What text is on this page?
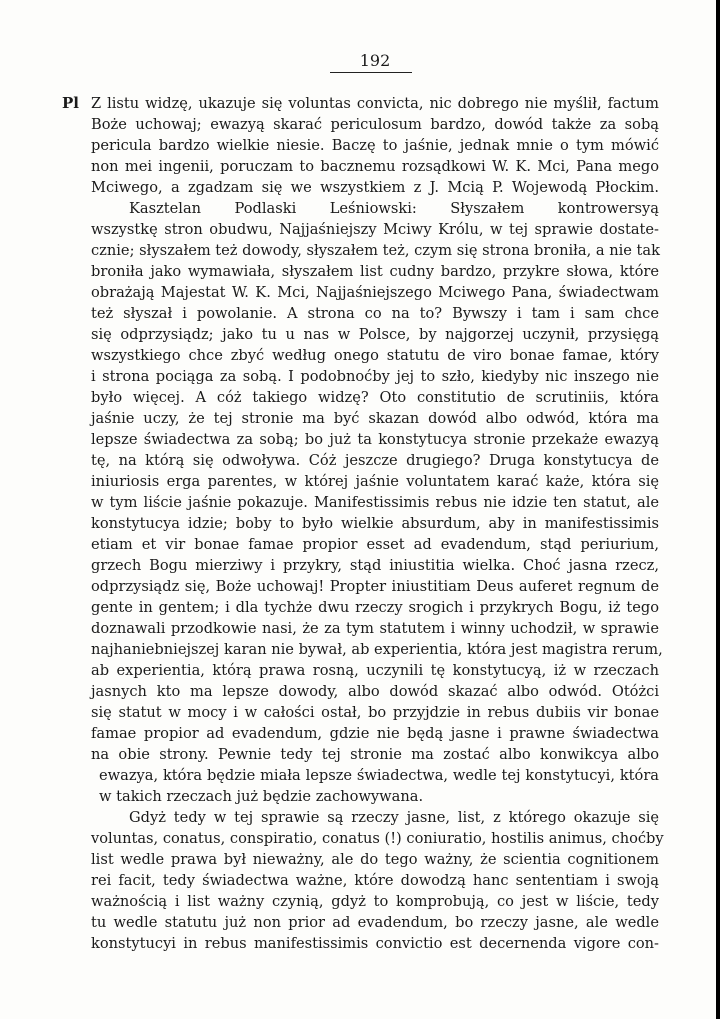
192
Pl Z listu widzę, ukazuje się voluntas convicta, nic dobrego nie myślił, factum
Boże uchowaj; ewazyą skarać periculosum bardzo, dowód także za sobą
pericula bardzo wielkie niesie. Baczę to jaśnie, jednak mnie o tym mówić
non mei ingenii, poruczam to bacznemu rozsądkowi W. K. Mci, Pana mego
Mciwego, a zgadzam się we wszystkiem z J. Mcią P. Wojewodą Płockim.
Kasztelan Podlaski Leśniowski: Słyszałem kontrowersyą
wszystkę stron obudwu, Najjaśniejszy Mciwy Królu, w tej sprawie dostate-
cznie; słyszałem też dowody, słyszałem też, czym się strona broniła, a nie tak
broniła jako wymawiała, słyszałem list cudny bardzo, przykre słowa, które
obrażają Majestat W. K. Mci, Najjaśniejszego Mciwego Pana, świadectwam
też słyszał i powolanie. A strona co na to? Bywszy i tam i sam chce
się odprzysiądz; jako tu u nas w Polsce, by najgorzej uczynił, przysięgą
wszystkiego chce zbyć według onego statutu de viro bonae famae, który
i strona pociąga za sobą. I podobnoćby jej to szło, kiedyby nic inszego nie
było więcej. A cóż takiego widzę? Oto constitutio de scrutiniis, która
jaśnie uczy, że tej stronie ma być skazan dowód albo odwód, która ma
lepsze świadectwa za sobą; bo już ta konstytucya stronie przekaże ewazyą
tę, na którą się odwoływa. Cóż jeszcze drugiego? Druga konstytucya de
iniuriosis erga parentes, w której jaśnie voluntatem karać każe, która się
w tym liście jaśnie pokazuje. Manifestissimis rebus nie idzie ten statut, ale
konstytucya idzie; boby to było wielkie absurdum, aby in manifestissimis
etiam et vir bonae famae propior esset ad evadendum, stąd periurium,
grzech Bogu mierziwy i przykry, stąd iniustitia wielka. Choć jasna rzecz,
odprzysiądz się, Boże uchowaj! Propter iniustitiam Deus auferet regnum de
gente in gentem; i dla tychże dwu rzeczy srogich i przykrych Bogu, iż tego
doznawali przodkowie nasi, że za tym statutem i winny uchodził, w sprawie
najhaniebniejszej karan nie bywał, ab experientia, która jest magistra rerum,
ab experientia, którą prawa rosną, uczynili tę konstytucyą, iż w rzeczach
jasnych kto ma lepsze dowody, albo dowód skazać albo odwód. Otóżci
się statut w mocy i w całości ostał, bo przyjdzie in rebus dubiis vir bonae
famae propior ad evadendum, gdzie nie będą jasne i prawne świadectwa
na obie strony. Pewnie tedy tej stronie ma zostać albo konwikcya albo
ewazya, która będzie miała lepsze świadectwa, wedle tej konstytucyi, która
w takich rzeczach już będzie zachowywana.
Gdyż tedy w tej sprawie są rzeczy jasne, list, z którego okazuje się
voluntas, conatus, conspiratio, conatus (!) coniuratio, hostilis animus, choćby
list wedle prawa był nieważny, ale do tego ważny, że scientia cognitionem
rei facit, tedy świadectwa ważne, które dowodzą hanc sententiam i swoją
ważnością i list ważny czynią, gdyż to komprobują, co jest w liście, tedy
tu wedle statutu już non prior ad evadendum, bo rzeczy jasne, ale wedle
konstytucyi in rebus manifestissimis convictio est decernenda vigore con-
